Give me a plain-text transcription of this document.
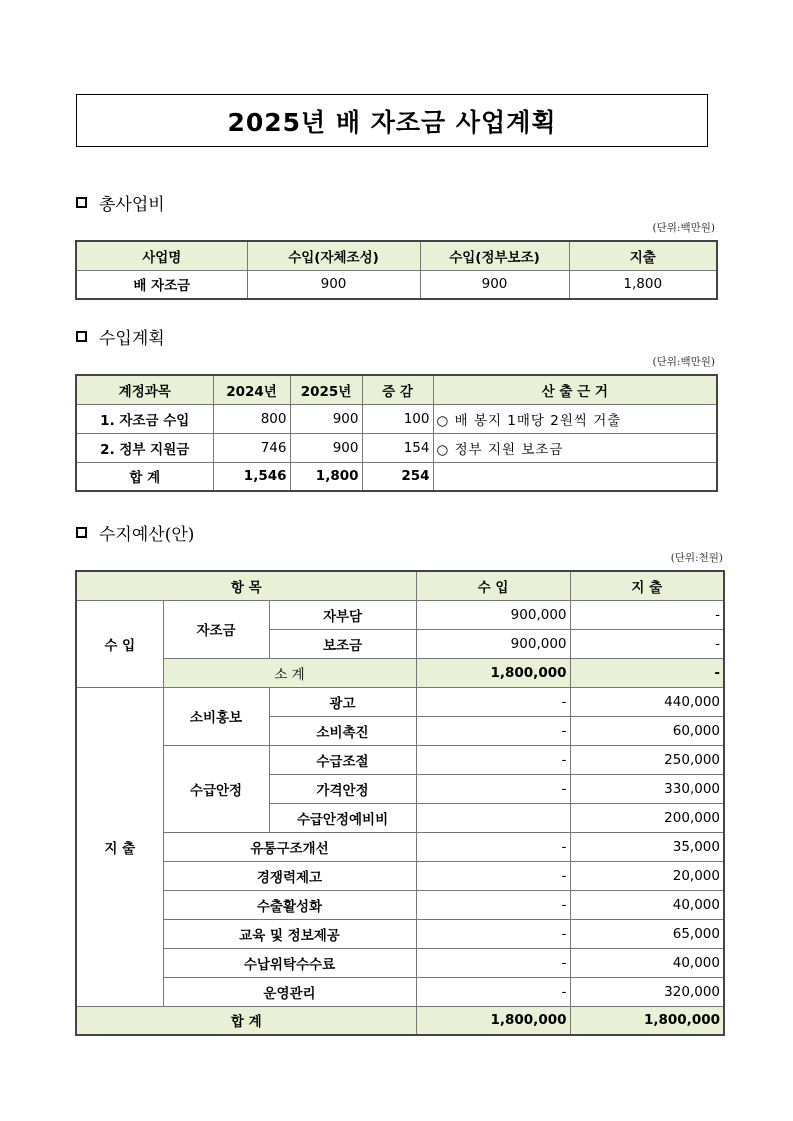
2025년 배 자조금 사업계획
총사업비
(단위:백만원)
사업명	수입(자체조성)	수입(정부보조)	지출
배 자조금	900	900	1,800
수입계획
(단위:백만원)
계정과목	2024년	2025년	증 감	산 출 근 거
1. 자조금 수입	800	900	100	○ 배 봉지 1매당 2원씩 거출
2. 정부 지원금	746	900	154	○ 정부 지원 보조금
합 계	1,546	1,800	254	
수지예산(안)
(단위:천원)
항 목			수 입	지 출
수 입	자조금	자부담	900,000	-
		보조금	900,000	-
	소 계		1,800,000	-
지 출	소비홍보	광고	-	440,000
		소비촉진	-	60,000
	수급안정	수급조절	-	250,000
		가격안정	-	330,000
		수급안정예비비		200,000
	유통구조개선		-	35,000
	경쟁력제고		-	20,000
	수출활성화		-	40,000
	교육 및 정보제공		-	65,000
	수납위탁수수료		-	40,000
	운영관리		-	320,000
합 계			1,800,000	1,800,000
